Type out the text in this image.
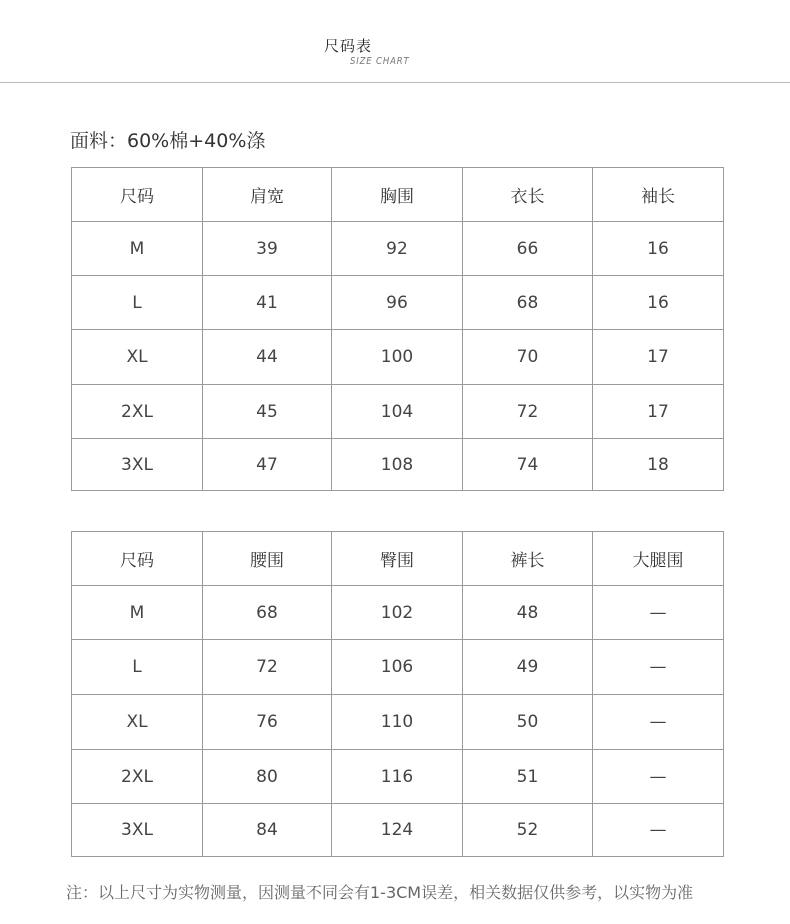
尺码表
SIZE CHART
面料：60%棉+40%涤
尺码	肩宽	胸围	衣长	袖长
M	39	92	66	16
L	41	96	68	16
XL	44	100	70	17
2XL	45	104	72	17
3XL	47	108	74	18
尺码	腰围	臀围	裤长	大腿围
M	68	102	48	—
L	72	106	49	—
XL	76	110	50	—
2XL	80	116	51	—
3XL	84	124	52	—
注：以上尺寸为实物测量，因测量不同会有1-3CM误差，相关数据仅供参考，以实物为准
